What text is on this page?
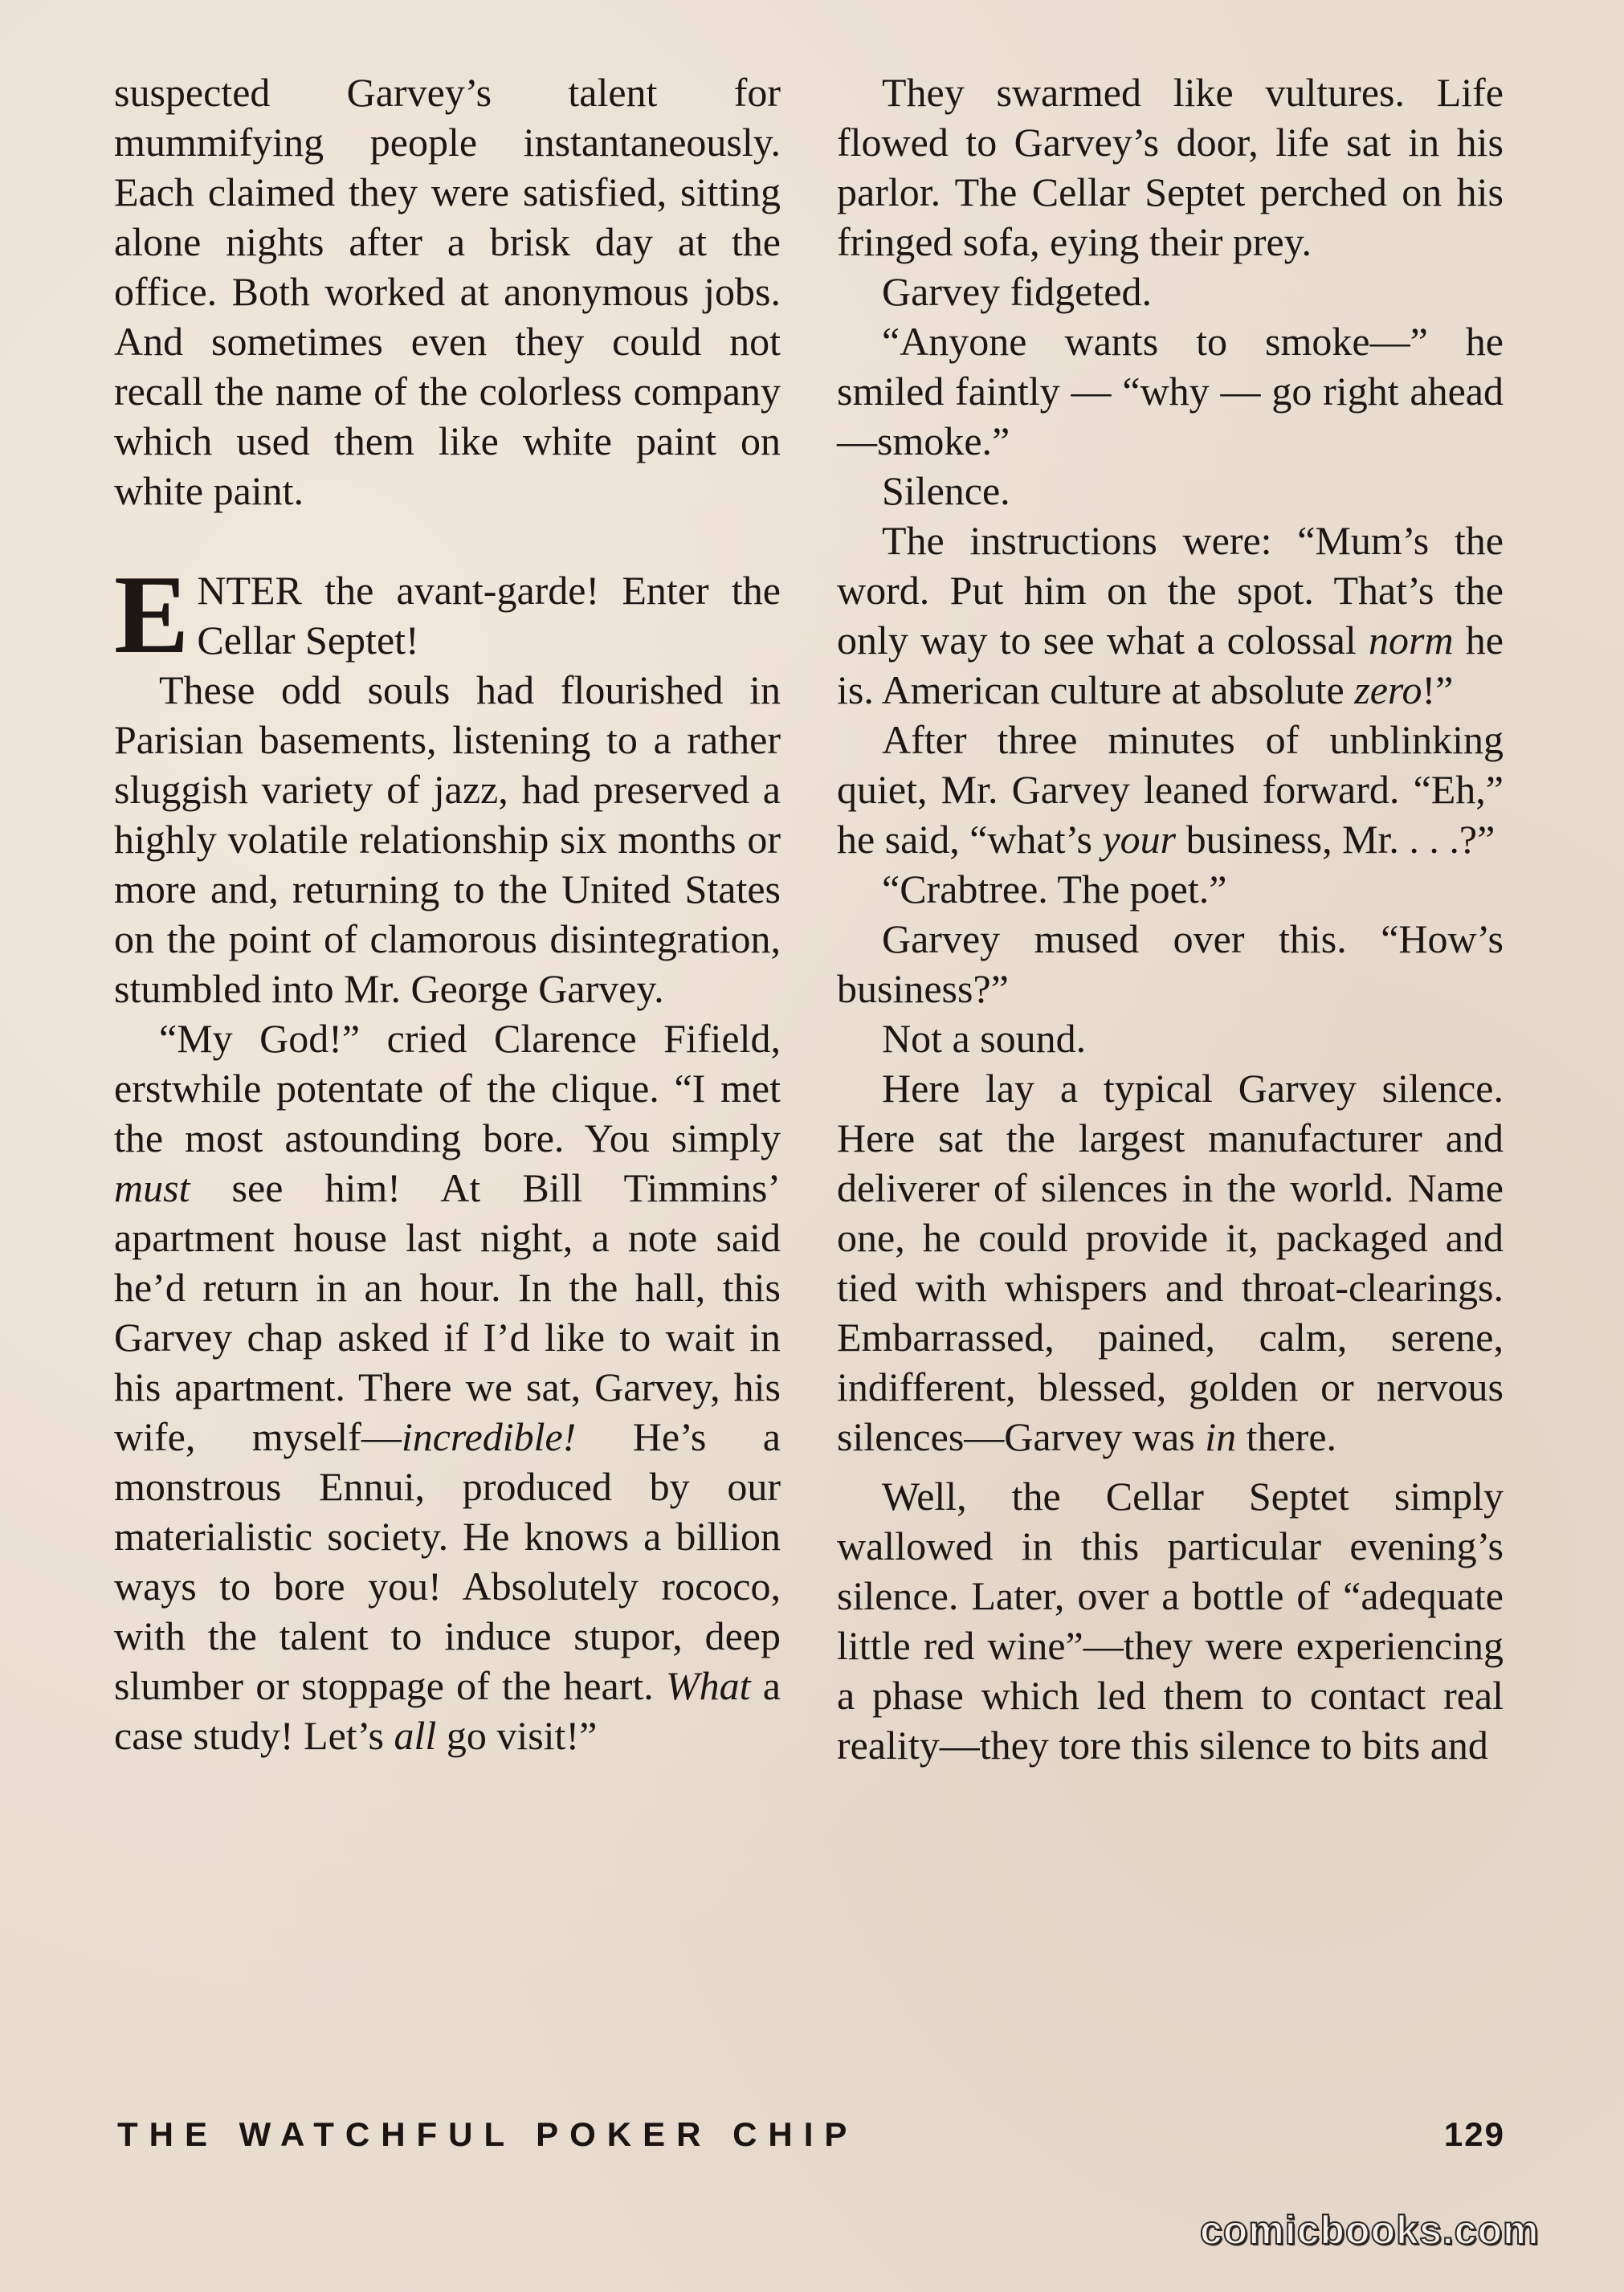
suspected Garvey’s talent for mummifying people instantaneously. Each claimed they were satisfied, sitting alone nights after a brisk day at the office. Both worked at anonymous jobs. And sometimes even they could not recall the name of the colorless company which used them like white paint on white paint.

ENTER the avant-garde! Enter the Cellar Septet!

These odd souls had flourished in Parisian basements, listening to a rather sluggish variety of jazz, had preserved a highly volatile relationship six months or more and, returning to the United States on the point of clamorous disintegration, stumbled into Mr. George Garvey.

“My God!” cried Clarence Fifield, erstwhile potentate of the clique. “I met the most astounding bore. You simply must see him! At Bill Timmins’ apartment house last night, a note said he’d return in an hour. In the hall, this Garvey chap asked if I’d like to wait in his apartment. There we sat, Garvey, his wife, myself—incredible! He’s a monstrous Ennui, produced by our materialistic society. He knows a billion ways to bore you! Absolutely rococo, with the talent to induce stupor, deep slumber or stoppage of the heart. What a case study! Let’s all go visit!”

They swarmed like vultures. Life flowed to Garvey’s door, life sat in his parlor. The Cellar Septet perched on his fringed sofa, eying their prey.

Garvey fidgeted.

“Anyone wants to smoke—” he smiled faintly — “why — go right ahead—smoke.”

Silence.

The instructions were: “Mum’s the word. Put him on the spot. That’s the only way to see what a colossal norm he is. American culture at absolute zero!”

After three minutes of unblinking quiet, Mr. Garvey leaned forward. “Eh,” he said, “what’s your business, Mr. . . .?”

“Crabtree. The poet.”

Garvey mused over this. “How’s business?”

Not a sound.

Here lay a typical Garvey silence. Here sat the largest manufacturer and deliverer of silences in the world. Name one, he could provide it, packaged and tied with whispers and throat-clearings. Embarrassed, pained, calm, serene, indifferent, blessed, golden or nervous silences—Garvey was in there.

Well, the Cellar Septet simply wallowed in this particular evening’s silence. Later, over a bottle of “adequate little red wine”—they were experiencing a phase which led them to contact real reality—they tore this silence to bits and

THE WATCHFUL POKER CHIP	129
comicbooks.com
